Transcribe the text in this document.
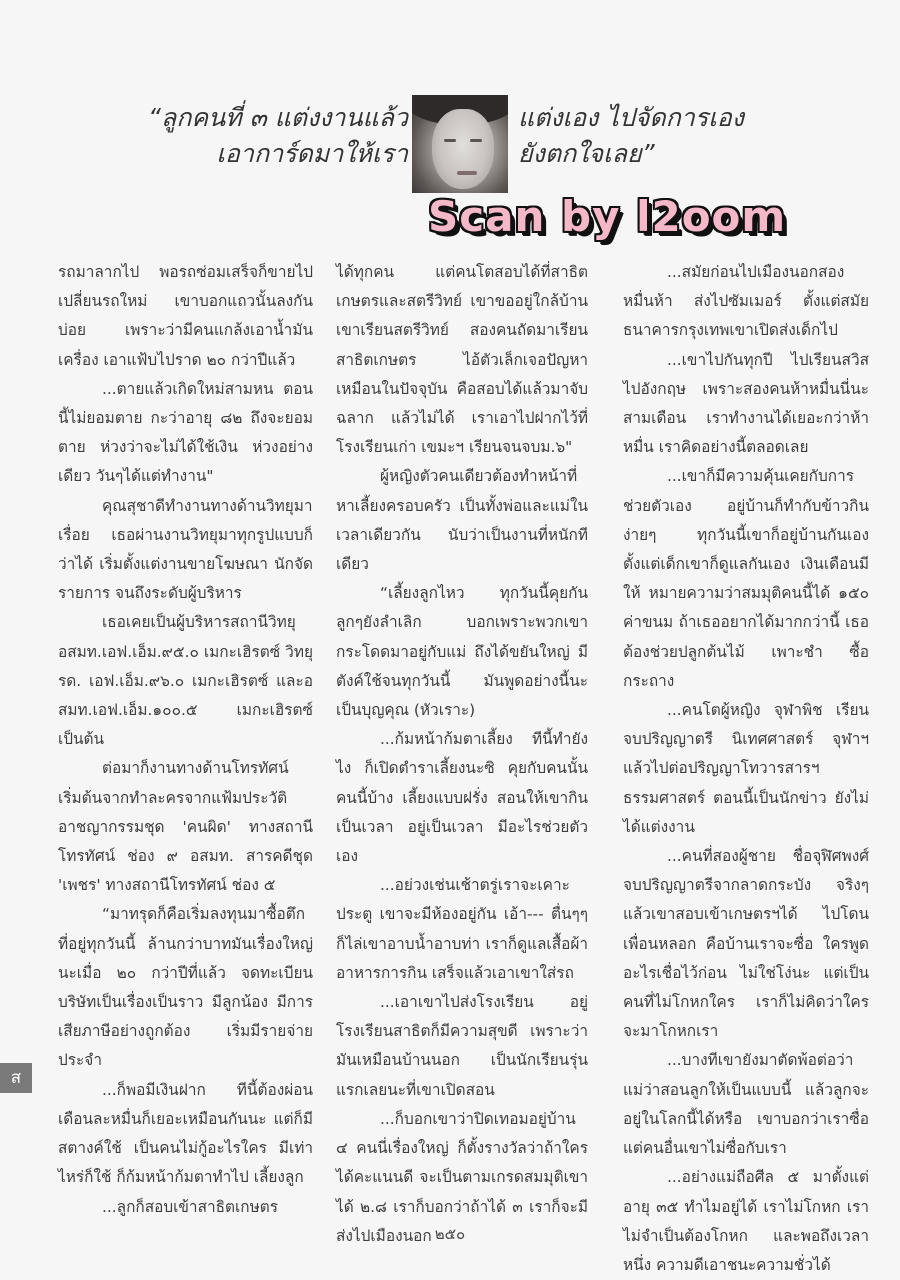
“ลูกคนที่ ๓ แต่งงานแล้ว
เอาการ์ดมาให้เรา
แต่งเอง ไปจัดการเอง
ยังตกใจเลย”
Scan by l2oom

รถมาลากไป พอรถซ่อมเสร็จก็ขายไป เปลี่ยนรถใหม่ เขาบอกแถวนั้นลงกันบ่อย เพราะว่ามีคนแกล้งเอาน้ำมันเครื่อง เอาแฟ้บไปราด ๒๐ กว่าปีแล้ว

...ตายแล้วเกิดใหม่สามหน ตอนนี้ไม่ยอมตาย กะว่าอายุ ๘๒ ถึงจะยอมตาย ห่วงว่าจะไม่ได้ใช้เงิน ห่วงอย่างเดียว วันๆได้แต่ทำงาน"

คุณสุชาดีทำงานทางด้านวิทยุมาเรื่อย เธอผ่านงานวิทยุมาทุกรูปแบบก็ว่าได้ เริ่มตั้งแต่งานขายโฆษณา นักจัดรายการ จนถึงระดับผู้บริหาร

เธอเคยเป็นผู้บริหารสถานีวิทยุ อสมท.เอฟ.เอ็ม.๙๕.๐ เมกะเฮิรตซ์ วิทยุรด. เอฟ.เอ็ม.๙๖.๐ เมกะเฮิรตซ์ และอสมท.เอฟ.เอ็ม.๑๐๐.๕ เมกะเฮิรตซ์ เป็นต้น

ต่อมาก็งานทางด้านโทรทัศน์ เริ่มต้นจากทำละครจากแฟ้มประวัติอาชญากรรมชุด 'คนผิด' ทางสถานีโทรทัศน์ ช่อง ๙ อสมท. สารคดีชุด 'เพชร' ทางสถานีโทรทัศน์ ช่อง ๕

“มาทรุดก็คือเริ่มลงทุนมาซื้อตึกที่อยู่ทุกวันนี้ ล้านกว่าบาทมันเรื่องใหญ่นะเมื่อ ๒๐ กว่าปีที่แล้ว จดทะเบียนบริษัทเป็นเรื่องเป็นราว มีลูกน้อง มีการเสียภาษีอย่างถูกต้อง เริ่มมีรายจ่ายประจำ

...ก็พอมีเงินฝาก ทีนี้ต้องผ่อนเดือนละหมื่นก็เยอะเหมือนกันนะ แต่ก็มีสตางค์ใช้ เป็นคนไม่กู้อะไรใคร มีเท่าไหร่ก็ใช้ ก็ก้มหน้าก้มตาทำไป เลี้ยงลูก

...ลูกก็สอบเข้าสาธิตเกษตร

ได้ทุกคน แต่คนโตสอบได้ที่สาธิตเกษตรและสตรีวิทย์ เขาขออยู่ใกล้บ้าน เขาเรียนสตรีวิทย์ สองคนถัดมาเรียนสาธิตเกษตร ไอ้ตัวเล็กเจอปัญหาเหมือนในปัจจุบัน คือสอบได้แล้วมาจับฉลาก แล้วไม่ได้ เราเอาไปฝากไว้ที่โรงเรียนเก่า เขมะฯ เรียนจนจบม.๖"

ผู้หญิงตัวคนเดียวต้องทำหน้าที่หาเลี้ยงครอบครัว เป็นทั้งพ่อและแม่ในเวลาเดียวกัน นับว่าเป็นงานที่หนักทีเดียว

“เลี้ยงลูกไหว ทุกวันนี้คุยกัน ลูกๆยังลำเลิก บอกเพราะพวกเขากระโดดมาอยู่กับแม่ ถึงได้ขยันใหญ่ มีตังค์ใช้จนทุกวันนี้ มันพูดอย่างนี้นะ เป็นบุญคุณ (หัวเราะ)

...ก้มหน้าก้มตาเลี้ยง ทีนี้ทำยังไง ก็เปิดตำราเลี้ยงนะซิ คุยกับคนนั้นคนนี้บ้าง เลี้ยงแบบฝรั่ง สอนให้เขากินเป็นเวลา อยู่เป็นเวลา มีอะไรช่วยตัวเอง

...อย่วงเช่นเช้าตรู่เราจะเคาะประตู เขาจะมีห้องอยู่กัน เอ้า--- ตื่นๆๆ ก็ไล่เขาอาบน้ำอาบท่า เราก็ดูแลเสื้อผ้า อาหารการกิน เสร็จแล้วเอาเขาใส่รถ

...เอาเขาไปส่งโรงเรียน อยู่โรงเรียนสาธิตก็มีความสุขดี เพราะว่ามันเหมือนบ้านนอก เป็นนักเรียนรุ่นแรกเลยนะที่เขาเปิดสอน

...ก็บอกเขาว่าปิดเทอมอยู่บ้าน ๔ คนนี่เรื่องใหญ่ ก็ตั้งรางวัลว่าถ้าใครได้คะแนนดี จะเป็นตามเกรดสมมุติเขาได้ ๒.๘ เราก็บอกว่าถ้าได้ ๓ เราก็จะมีส่งไปเมืองนอก

...สมัยก่อนไปเมืองนอกสองหมื่นห้า ส่งไปซัมเมอร์ ตั้งแต่สมัยธนาคารกรุงเทพเขาเปิดส่งเด็กไป

...เขาไปกันทุกปี ไปเรียนสวิส ไปอังกฤษ เพราะสองคนห้าหมื่นนี่นะสามเดือน เราทำงานได้เยอะกว่าห้าหมื่น เราคิดอย่างนี้ตลอดเลย

...เขาก็มีความคุ้นเคยกับการช่วยตัวเอง อยู่บ้านก็ทำกับข้าวกินง่ายๆ ทุกวันนี้เขาก็อยู่บ้านกันเอง ตั้งแต่เด็กเขาก็ดูแลกันเอง เงินเดือนมีให้ หมายความว่าสมมุติคนนี้ได้ ๑๕๐ ค่าขนม ถ้าเธออยากได้มากกว่านี้ เธอต้องช่วยปลูกต้นไม้ เพาะชำ ซื้อกระถาง

...คนโตผู้หญิง จุฬาพิช เรียนจบปริญญาตรี นิเทศศาสตร์ จุฬาฯ แล้วไปต่อปริญญาโทวารสารฯ ธรรมศาสตร์ ตอนนี้เป็นนักข่าว ยังไม่ได้แต่งงาน

...คนที่สองผู้ชาย ชื่อจุฬิศพงศ์ จบปริญญาตรีจากลาดกระบัง จริงๆแล้วเขาสอบเข้าเกษตรฯได้ ไปโดนเพื่อนหลอก คือบ้านเราจะซื่อ ใครพูดอะไรเชื่อไว้ก่อน ไม่ใช่โง่นะ แต่เป็นคนที่ไม่โกหกใคร เราก็ไม่คิดว่าใครจะมาโกหกเรา

...บางทีเขายังมาตัดพ้อต่อว่าแม่ว่าสอนลูกให้เป็นแบบนี้ แล้วลูกจะอยู่ในโลกนี้ได้หรือ เขาบอกว่าเราซื่อ แต่คนอื่นเขาไม่ซื่อกับเรา

...อย่างแม่ถือศีล ๕ มาตั้งแต่อายุ ๓๕ ทำไมอยู่ได้ เราไม่โกหก เราไม่จำเป็นต้องโกหก และพอถึงเวลาหนึ่ง ความดีเอาชนะความชั่วได้

ส
๒๕๐
